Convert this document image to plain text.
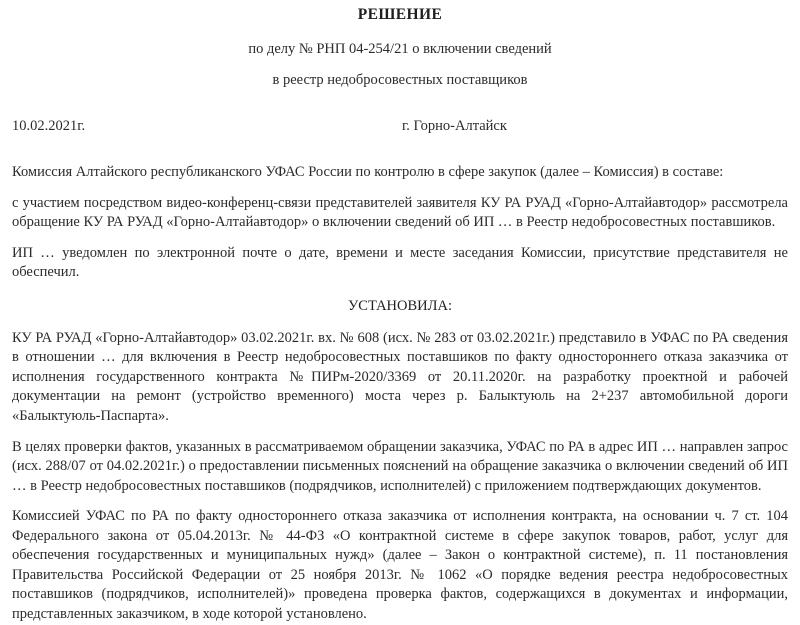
РЕШЕНИЕ
по делу № РНП 04-254/21 о включении сведений
в реестр недобросовестных поставщиков
10.02.2021г.	г. Горно-Алтайск

Комиссия Алтайского республиканского УФАС России по контролю в сфере закупок (далее – Комиссия) в составе:

с участием посредством видео-конференц-связи представителей заявителя КУ РА РУАД «Горно-Алтайавтодор» рассмотрела обращение КУ РА РУАД «Горно-Алтайавтодор» о включении сведений об ИП … в Реестр недобросовестных поставшиков.

ИП … уведомлен по электронной почте о дате, времени и месте заседания Комиссии, присутствие представителя не обеспечил.

УСТАНОВИЛА:

КУ РА РУАД «Горно-Алтайавтодор» 03.02.2021г. вх. № 608 (исх. № 283 от 03.02.2021г.) представило в УФАС по РА сведения в отношении … для включения в Реестр недобросовестных поставшиков по факту одностороннего отказа заказчика от исполнения государственного контракта №ПИРм-2020/3369 от 20.11.2020г. на разработку проектной и рабочей документации на ремонт (устройство временного) моста через р. Балыктуюль на 2+237 автомобильной дороги «Балыктуюль-Паспарта».

В целях проверки фактов, указанных в рассматриваемом обращении заказчика, УФАС по РА в адрес ИП … направлен запрос (исх. 288/07 от 04.02.2021г.) о предоставлении письменных пояснений на обращение заказчика о включении сведений об ИП … в Реестр недобросовестных поставшиков (подрядчиков, исполнителей) с приложением подтверждающих документов.

Комиссией УФАС по РА по факту одностороннего отказа заказчика от исполнения контракта, на основании ч. 7 ст. 104 Федерального закона от 05.04.2013г. № 44-ФЗ «О контрактной системе в сфере закупок товаров, работ, услуг для обеспечения государственных и муниципальных нужд» (далее – Закон о контрактной системе), п. 11 постановления Правительства Российской Федерации от 25 ноября 2013г. № 1062 «О порядке ведения реестра недобросовестных поставшиков (подрядчиков, исполнителей)» проведена проверка фактов, содержащихся в документах и информации, представленных заказчиком, в ходе которой установлено.
